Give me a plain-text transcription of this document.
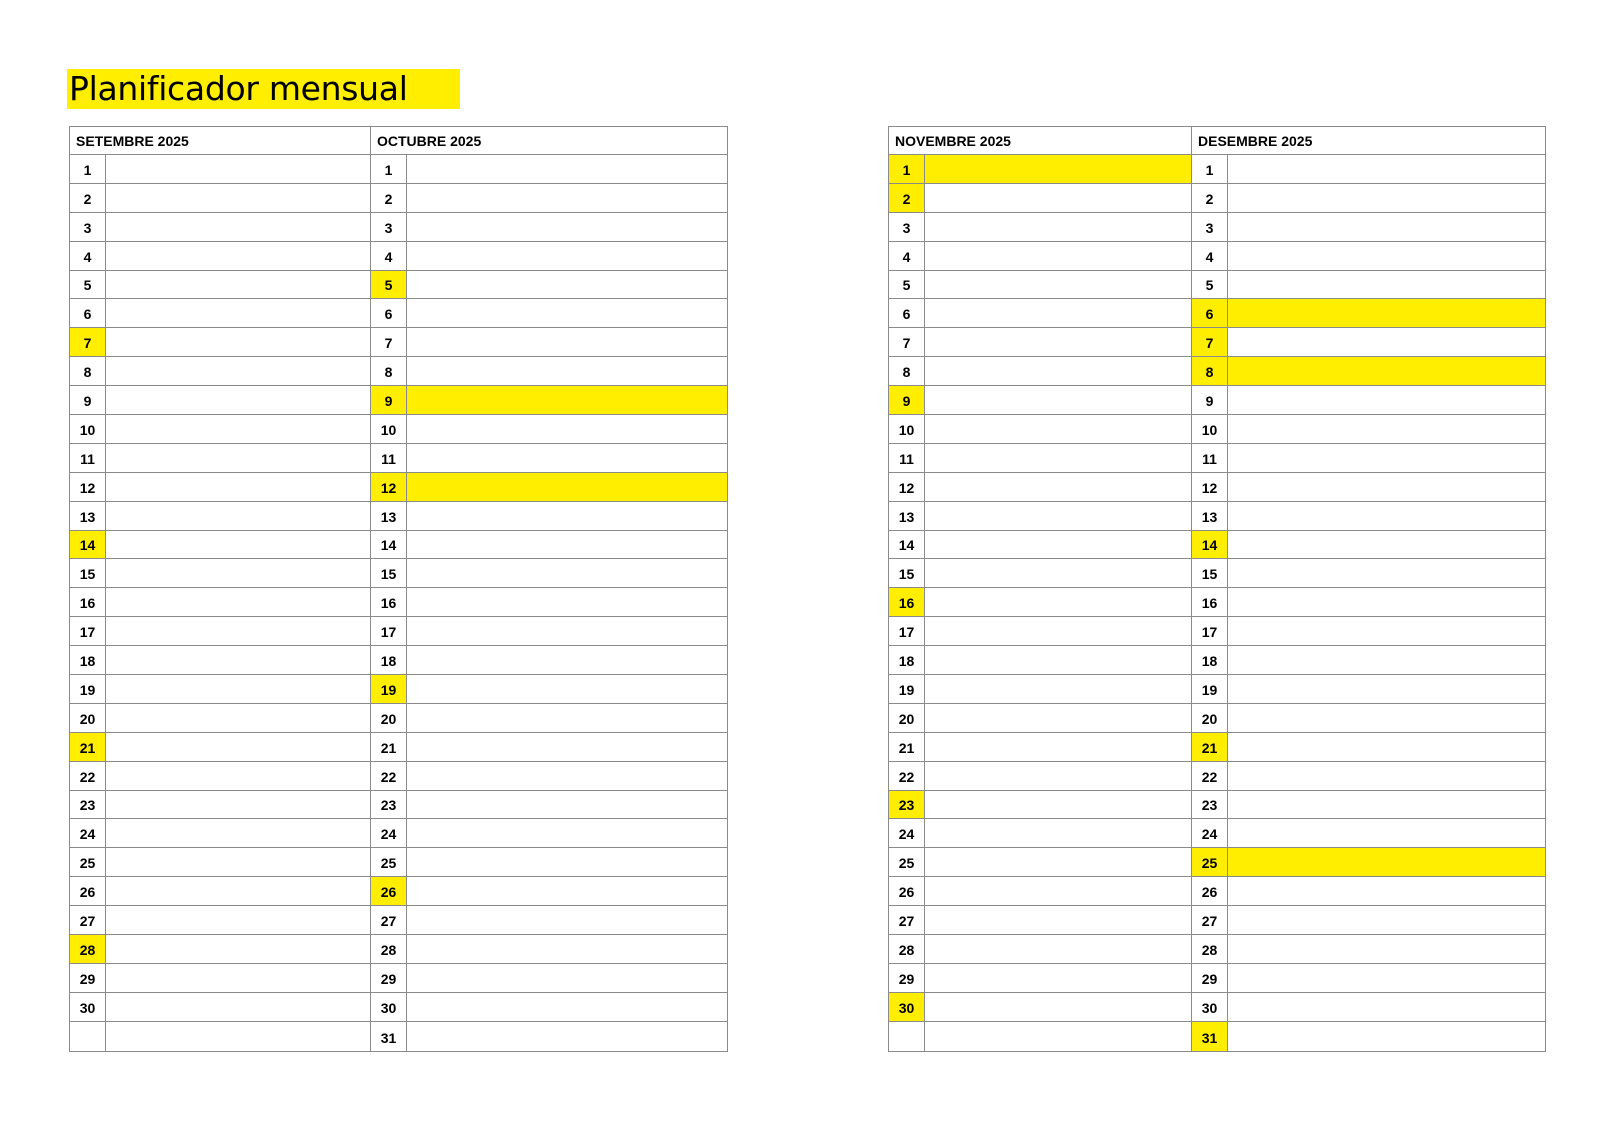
Planificador mensual
SETEMBRE 2025
1
2
3
4
5
6
7
8
9
10
11
12
13
14
15
16
17
18
19
20
21
22
23
24
25
26
27
28
29
30
OCTUBRE 2025
1
2
3
4
5
6
7
8
9
10
11
12
13
14
15
16
17
18
19
20
21
22
23
24
25
26
27
28
29
30
31
NOVEMBRE 2025
1
2
3
4
5
6
7
8
9
10
11
12
13
14
15
16
17
18
19
20
21
22
23
24
25
26
27
28
29
30
DESEMBRE 2025
1
2
3
4
5
6
7
8
9
10
11
12
13
14
15
16
17
18
19
20
21
22
23
24
25
26
27
28
29
30
31
